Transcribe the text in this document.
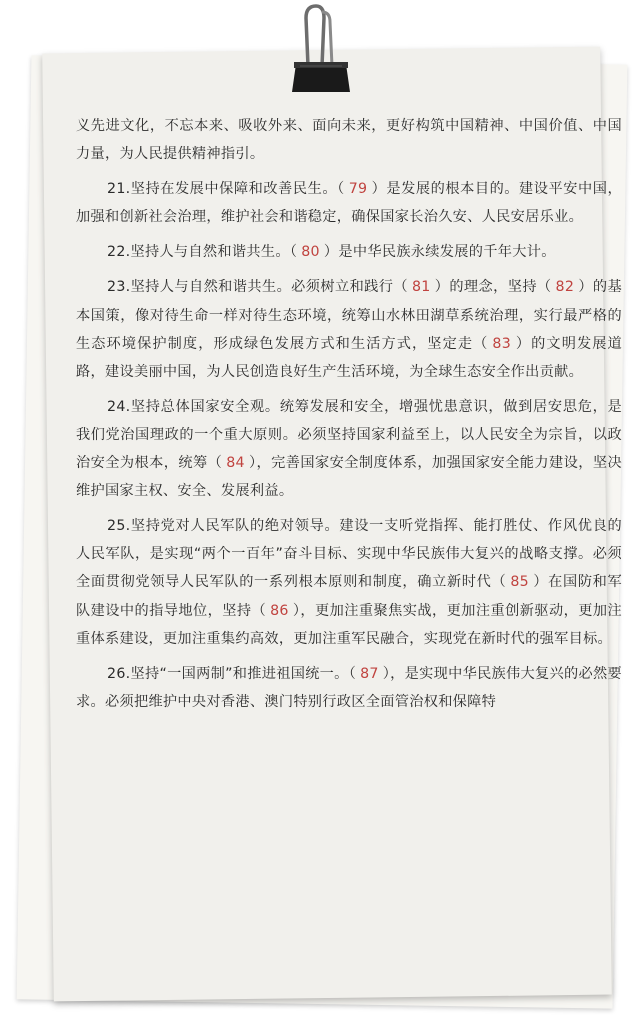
义先进文化，不忘本来、吸收外来、面向未来，更好构筑中国精神、中国价值、中国力量，为人民提供精神指引。

21.坚持在发展中保障和改善民生。（ 79 ）是发展的根本目的。建设平安中国，加强和创新社会治理，维护社会和谐稳定，确保国家长治久安、人民安居乐业。

22.坚持人与自然和谐共生。（ 80 ）是中华民族永续发展的千年大计。

23.坚持人与自然和谐共生。必须树立和践行（ 81 ）的理念，坚持（ 82 ）的基本国策，像对待生命一样对待生态环境，统筹山水林田湖草系统治理，实行最严格的生态环境保护制度，形成绿色发展方式和生活方式，坚定走（ 83 ）的文明发展道路，建设美丽中国，为人民创造良好生产生活环境，为全球生态安全作出贡献。

24.坚持总体国家安全观。统筹发展和安全，增强忧患意识，做到居安思危，是我们党治国理政的一个重大原则。必须坚持国家利益至上，以人民安全为宗旨，以政治安全为根本，统筹（ 84 ），完善国家安全制度体系，加强国家安全能力建设，坚决维护国家主权、安全、发展利益。

25.坚持党对人民军队的绝对领导。建设一支听党指挥、能打胜仗、作风优良的人民军队，是实现“两个一百年”奋斗目标、实现中华民族伟大复兴的战略支撑。必须全面贯彻党领导人民军队的一系列根本原则和制度，确立新时代（ 85 ）在国防和军队建设中的指导地位，坚持（ 86 ），更加注重聚焦实战，更加注重创新驱动，更加注重体系建设，更加注重集约高效，更加注重军民融合，实现党在新时代的强军目标。

26.坚持“一国两制”和推进祖国统一。（ 87 ），是实现中华民族伟大复兴的必然要求。必须把维护中央对香港、澳门特别行政区全面管治权和保障特
